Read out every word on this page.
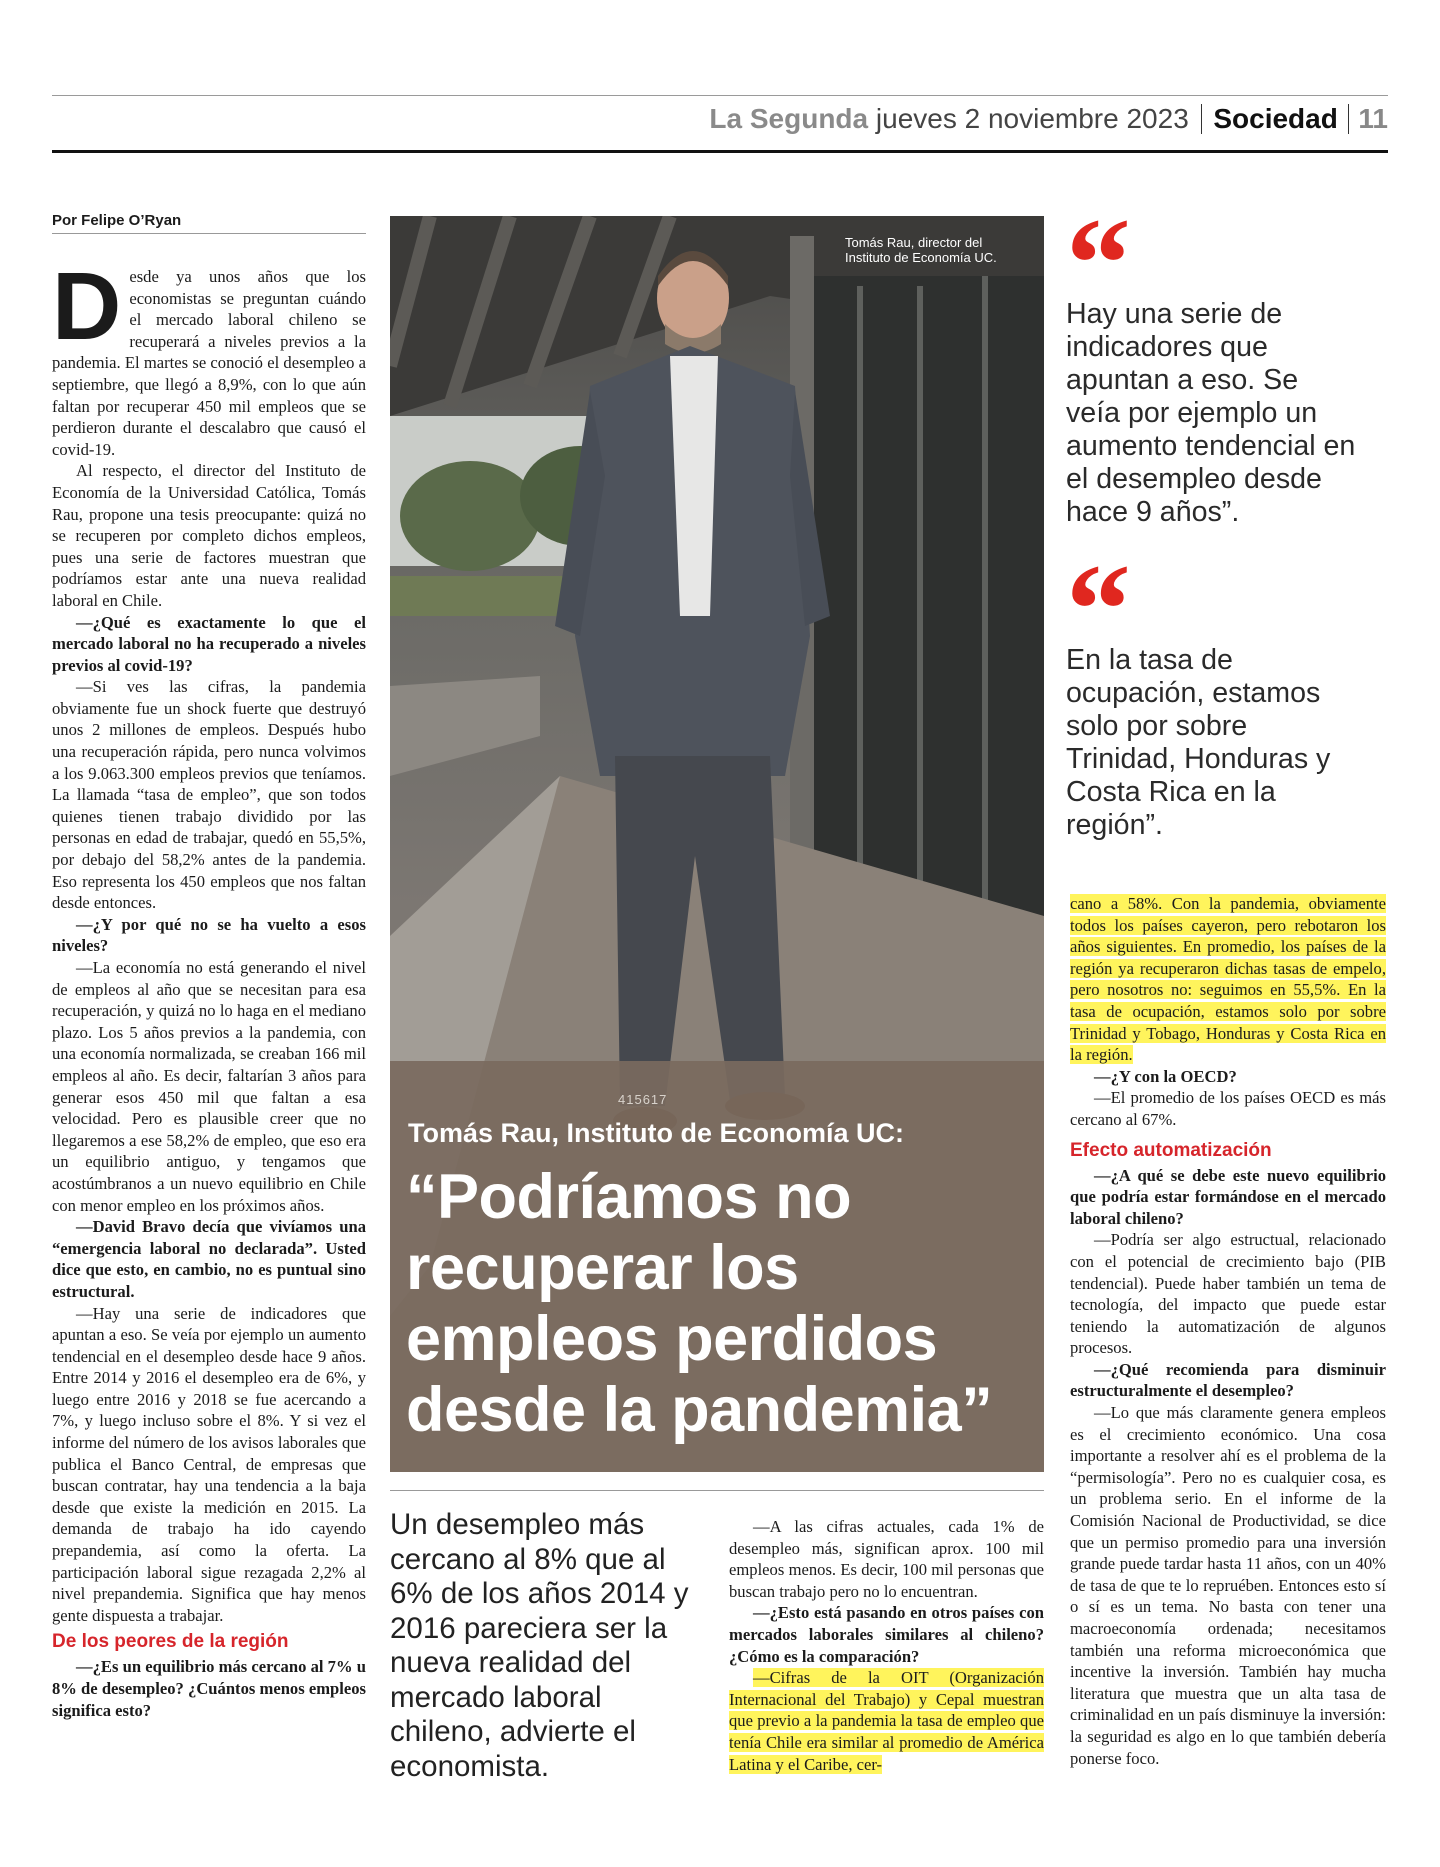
La Segunda jueves 2 noviembre 2023 Sociedad 11
Por Felipe O’Ryan
D esde ya unos años que los economistas se preguntan cuándo el mercado laboral chileno se recuperará a niveles previos a la pandemia. El martes se conoció el desempleo a septiembre, que llegó a 8,9%, con lo que aún faltan por recuperar 450 mil empleos que se perdieron durante el descalabro que causó el covid-19.

Al respecto, el director del Instituto de Economía de la Universidad Católica, Tomás Rau, propone una tesis preocupante: quizá no se recuperen por completo dichos empleos, pues una serie de factores muestran que podríamos estar ante una nueva realidad laboral en Chile.

—¿Qué es exactamente lo que el mercado laboral no ha recuperado a niveles previos al covid-19?

—Si ves las cifras, la pandemia obviamente fue un shock fuerte que destruyó unos 2 millones de empleos. Después hubo una recuperación rápida, pero nunca volvimos a los 9.063.300 empleos previos que teníamos. La llamada “tasa de empleo”, que son todos quienes tienen trabajo dividido por las personas en edad de trabajar, quedó en 55,5%, por debajo del 58,2% antes de la pandemia. Eso representa los 450 empleos que nos faltan desde entonces.

—¿Y por qué no se ha vuelto a esos niveles?

—La economía no está generando el nivel de empleos al año que se necesitan para esa recuperación, y quizá no lo haga en el mediano plazo. Los 5 años previos a la pandemia, con una economía normalizada, se creaban 166 mil empleos al año. Es decir, faltarían 3 años para generar esos 450 mil que faltan a esa velocidad. Pero es plausible creer que no llegaremos a ese 58,2% de empleo, que eso era un equilibrio antiguo, y tengamos que acostúmbranos a un nuevo equilibrio en Chile con menor empleo en los próximos años.

—David Bravo decía que vivíamos una “emergencia laboral no declarada”. Usted dice que esto, en cambio, no es puntual sino estructural.

—Hay una serie de indicadores que apuntan a eso. Se veía por ejemplo un aumento tendencial en el desempleo desde hace 9 años. Entre 2014 y 2016 el desempleo era de 6%, y luego entre 2016 y 2018 se fue acercando a 7%, y luego incluso sobre el 8%. Y si vez el informe del número de los avisos laborales que publica el Banco Central, de empresas que buscan contratar, hay una tendencia a la baja desde que existe la medición en 2015. La demanda de trabajo ha ido cayendo prepandemia, así como la oferta. La participación laboral sigue rezagada 2,2% al nivel prepandemia. Significa que hay menos gente dispuesta a trabajar.

De los peores de la región

—¿Es un equilibrio más cercano al 7% u 8% de desempleo? ¿Cuántos menos empleos significa esto?

Tomás Rau, director del Instituto de Economía UC.
415617
Tomás Rau, Instituto de Economía UC:
“Podríamos no recuperar los empleos perdidos desde la pandemia”
Un desempleo más cercano al 8% que al 6% de los años 2014 y 2016 pareciera ser la nueva realidad del mercado laboral chileno, advierte el economista.

—A las cifras actuales, cada 1% de desempleo más, significan aprox. 100 mil empleos menos. Es decir, 100 mil personas que buscan trabajo pero no lo encuentran.

—¿Esto está pasando en otros países con mercados laborales similares al chileno? ¿Cómo es la comparación?

—Cifras de la OIT (Organización Internacional del Trabajo) y Cepal muestran que previo a la pandemia la tasa de empleo que tenía Chile era similar al promedio de América Latina y el Caribe, cer-

Hay una serie de indicadores que apuntan a eso. Se veía por ejemplo un aumento tendencial en el desempleo desde hace 9 años”.
En la tasa de ocupación, estamos solo por sobre Trinidad, Honduras y Costa Rica en la región”.

cano a 58%. Con la pandemia, obviamente todos los países cayeron, pero rebotaron los años siguientes. En promedio, los países de la región ya recuperaron dichas tasas de empelo, pero nosotros no: seguimos en 55,5%. En la tasa de ocupación, estamos solo por sobre Trinidad y Tobago, Honduras y Costa Rica en la región.

—¿Y con la OECD?

—El promedio de los países OECD es más cercano al 67%.

Efecto automatización

—¿A qué se debe este nuevo equilibrio que podría estar formándose en el mercado laboral chileno?

—Podría ser algo estructual, relacionado con el potencial de crecimiento bajo (PIB tendencial). Puede haber también un tema de tecnología, del impacto que puede estar teniendo la automatización de algunos procesos.

—¿Qué recomienda para disminuir estructuralmente el desempleo?

—Lo que más claramente genera empleos es el crecimiento económico. Una cosa importante a resolver ahí es el problema de la “permisología”. Pero no es cualquier cosa, es un problema serio. En el informe de la Comisión Nacional de Productividad, se dice que un permiso promedio para una inversión grande puede tardar hasta 11 años, con un 40% de tasa de que te lo repruében. Entonces esto sí o sí es un tema. No basta con tener una macroeconomía ordenada; necesitamos también una reforma microeconómica que incentive la inversión. También hay mucha literatura que muestra que un alta tasa de criminalidad en un país disminuye la inversión: la seguridad es algo en lo que también debería ponerse foco.
